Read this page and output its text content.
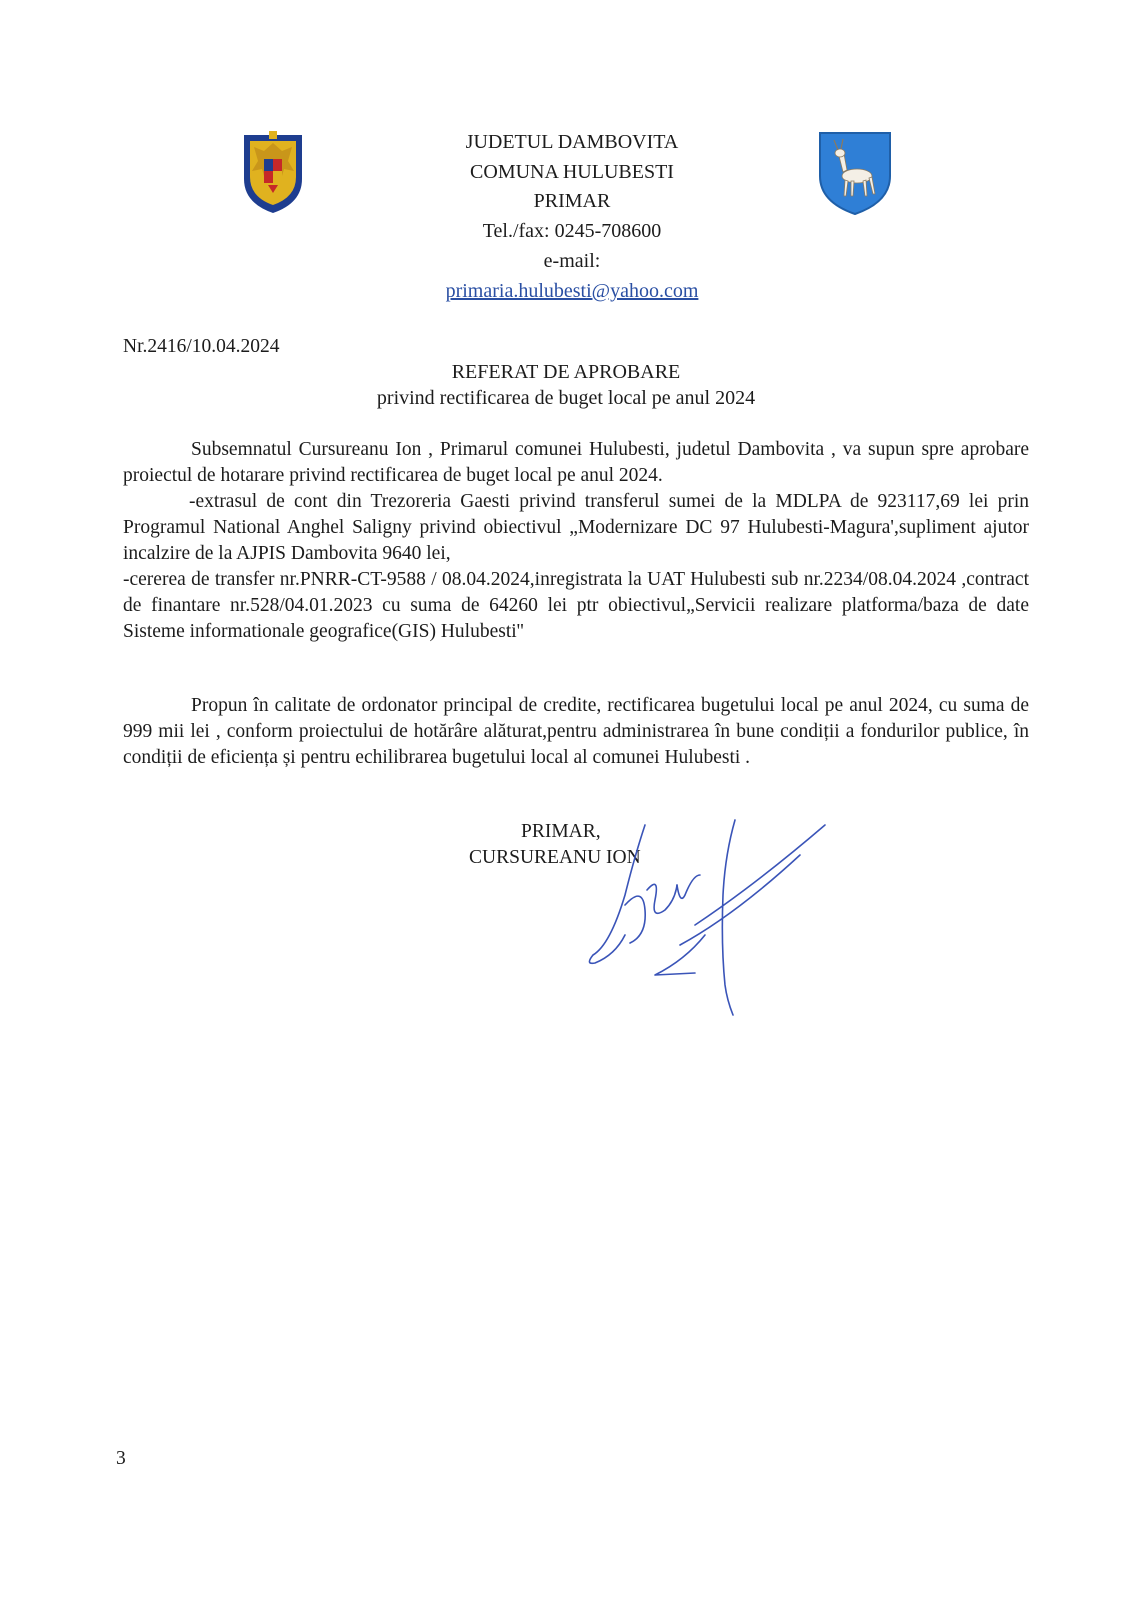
JUDETUL DAMBOVITA
COMUNA HULUBESTI
PRIMAR
Tel./fax: 0245-708600
e-mail:
primaria.hulubesti@yahoo.com
Nr.2416/10.04.2024
REFERAT DE APROBARE
privind rectificarea de buget local pe anul 2024

Subsemnatul Cursureanu Ion , Primarul comunei Hulubesti, judetul Dambovita , va supun spre aprobare proiectul de hotarare privind rectificarea de buget local pe anul 2024.

-extrasul de cont din Trezoreria Gaesti privind transferul sumei de la MDLPA de 923117,69 lei prin Programul National Anghel Saligny privind obiectivul „Modernizare DC 97 Hulubesti-Magura',supliment ajutor incalzire de la AJPIS Dambovita 9640 lei,

-cererea de transfer nr.PNRR-CT-9588 / 08.04.2024,inregistrata la UAT Hulubesti sub nr.2234/08.04.2024 ,contract de finantare nr.528/04.01.2023 cu suma de 64260 lei ptr obiectivul„Servicii realizare platforma/baza de date Sisteme informationale geografice(GIS) Hulubesti''

Propun în calitate de ordonator principal de credite, rectificarea bugetului local pe anul 2024, cu suma de 999 mii lei , conform proiectului de hotărâre alăturat,pentru administrarea în bune condiții a fondurilor publice, în condiții de eficiența și pentru echilibrarea bugetului local al comunei Hulubesti .

PRIMAR,
CURSUREANU ION
3
